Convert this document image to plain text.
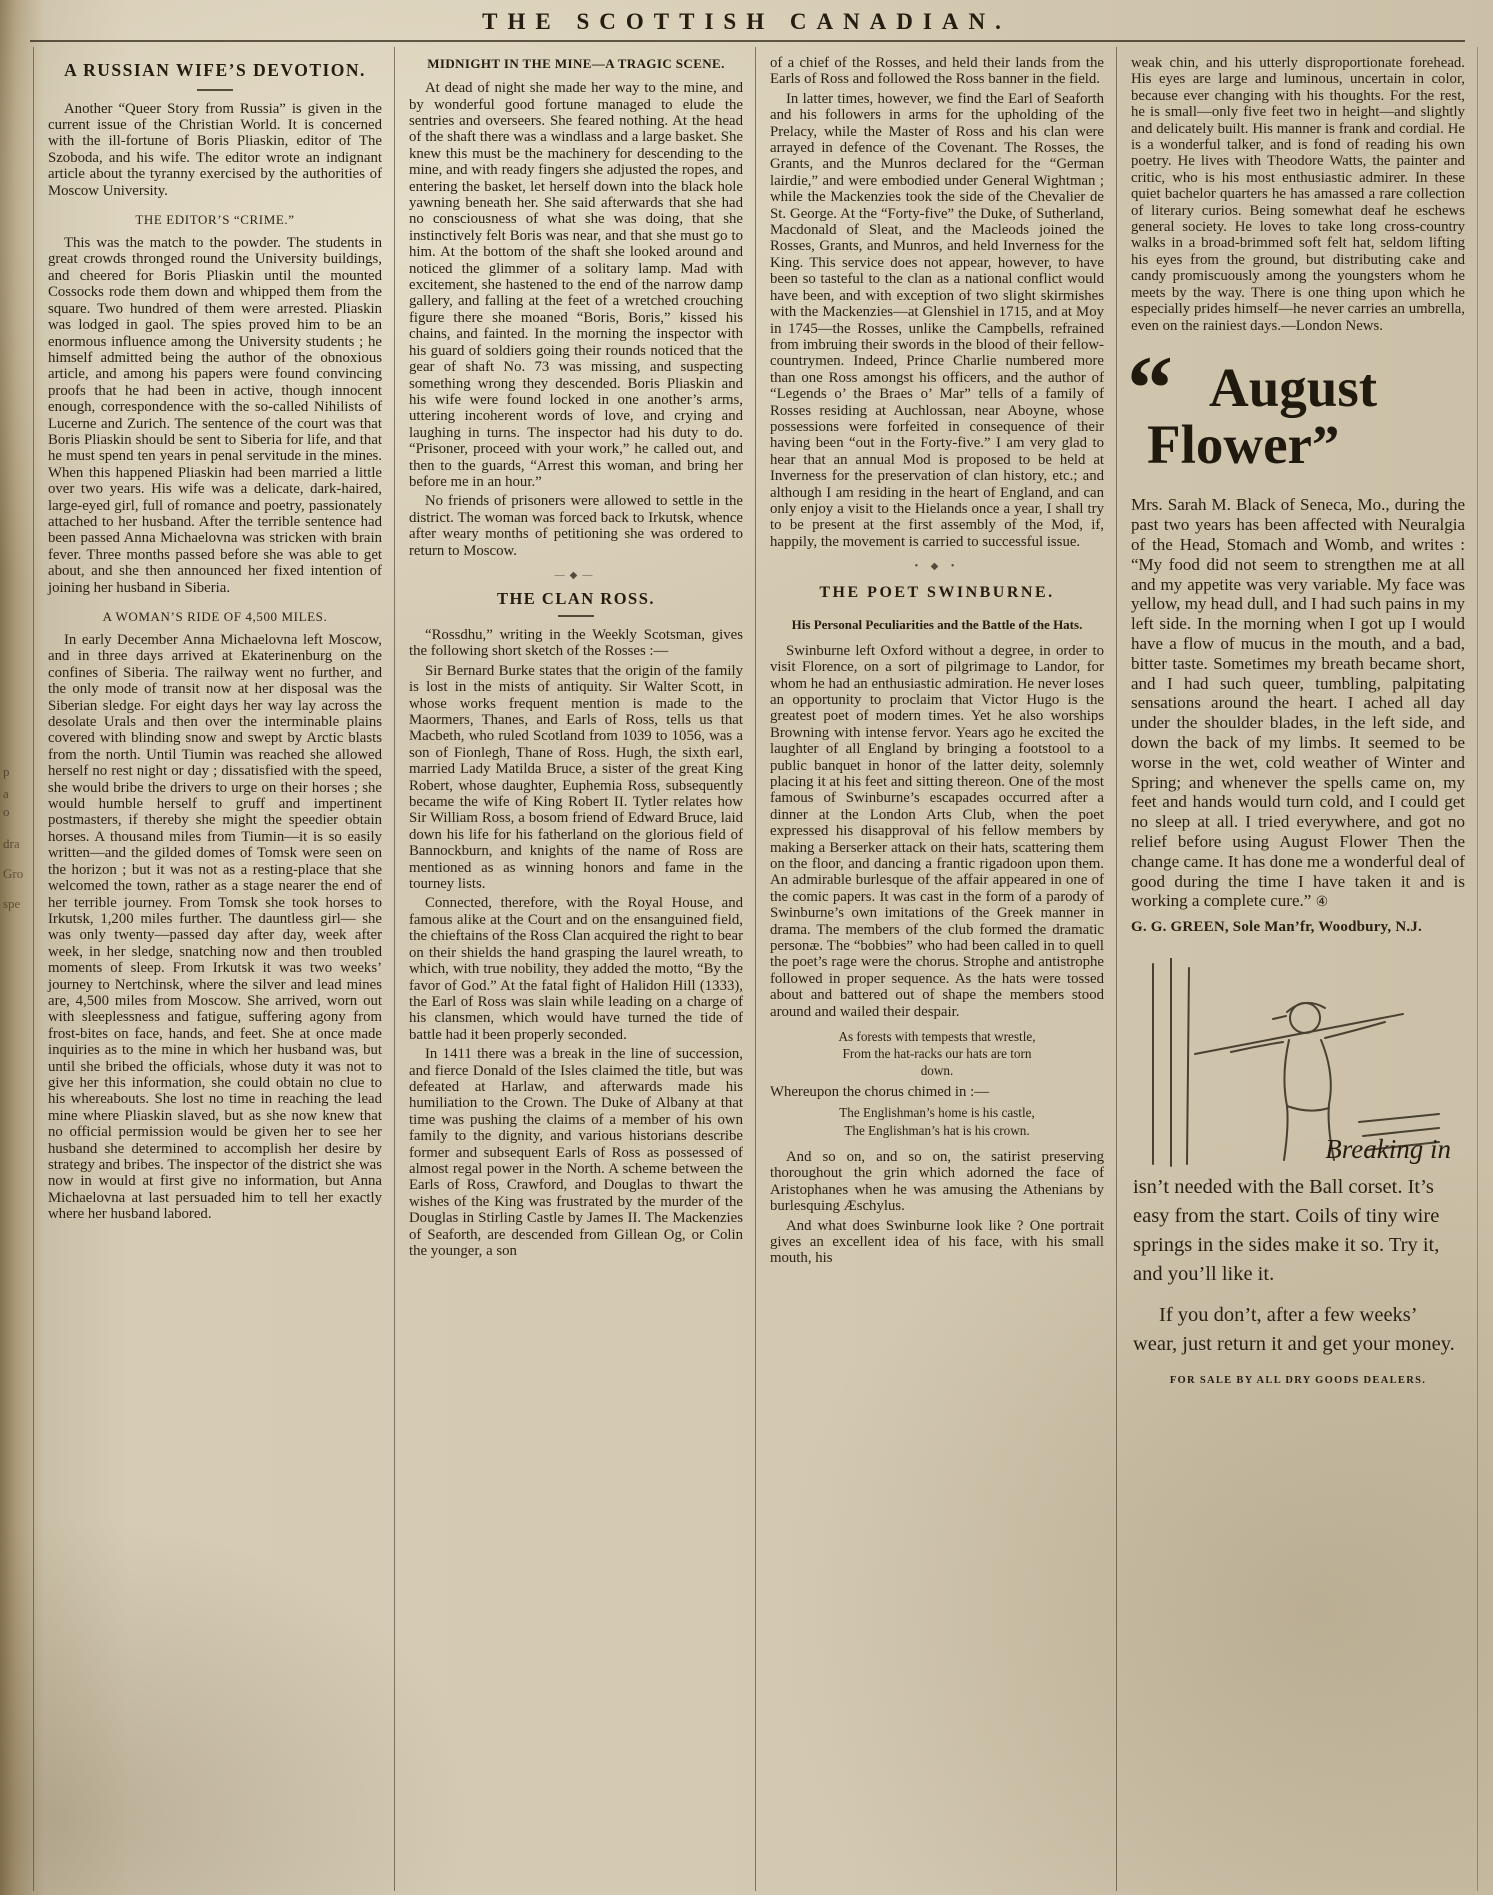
THE SCOTTISH CANADIAN.
p
a
o
dra
Gro
spe
A RUSSIAN WIFE’S DEVOTION.

Another “Queer Story from Russia” is given in the current issue of the Christian World. It is concerned with the ill-fortune of Boris Pliaskin, editor of The Szoboda, and his wife. The editor wrote an indignant article about the tyranny exercised by the authorities of Moscow University.

THE EDITOR’S “CRIME.”

This was the match to the powder. The students in great crowds thronged round the University buildings, and cheered for Boris Pliaskin until the mounted Cossocks rode them down and whipped them from the square. Two hundred of them were arrested. Pliaskin was lodged in gaol. The spies proved him to be an enormous influence among the University students ; he himself admitted being the author of the obnoxious article, and among his papers were found convincing proofs that he had been in active, though innocent enough, correspondence with the so-called Nihilists of Lucerne and Zurich. The sentence of the court was that Boris Pliaskin should be sent to Siberia for life, and that he must spend ten years in penal servitude in the mines. When this happened Pliaskin had been married a little over two years. His wife was a delicate, dark-haired, large-eyed girl, full of romance and poetry, passionately attached to her husband. After the terrible sentence had been passed Anna Michaelovna was stricken with brain fever. Three months passed before she was able to get about, and she then announced her fixed intention of joining her husband in Siberia.

A WOMAN’S RIDE OF 4,500 MILES.

In early December Anna Michaelovna left Moscow, and in three days arrived at Ekaterinenburg on the confines of Siberia. The railway went no further, and the only mode of transit now at her disposal was the Siberian sledge. For eight days her way lay across the desolate Urals and then over the interminable plains covered with blinding snow and swept by Arctic blasts from the north. Until Tiumin was reached she allowed herself no rest night or day ; dissatisfied with the speed, she would bribe the drivers to urge on their horses ; she would humble herself to gruff and impertinent postmasters, if thereby she might the speedier obtain horses. A thousand miles from Tiumin—it is so easily written—and the gilded domes of Tomsk were seen on the horizon ; but it was not as a resting-place that she welcomed the town, rather as a stage nearer the end of her terrible journey. From Tomsk she took horses to Irkutsk, 1,200 miles further. The dauntless girl— she was only twenty—passed day after day, week after week, in her sledge, snatching now and then troubled moments of sleep. From Irkutsk it was two weeks’ journey to Nertchinsk, where the silver and lead mines are, 4,500 miles from Moscow. She arrived, worn out with sleeplessness and fatigue, suffering agony from frost-bites on face, hands, and feet. She at once made inquiries as to the mine in which her husband was, but until she bribed the officials, whose duty it was not to give her this information, she could obtain no clue to his whereabouts. She lost no time in reaching the lead mine where Pliaskin slaved, but as she now knew that no official permission would be given her to see her husband she determined to accomplish her desire by strategy and bribes. The inspector of the district she was now in would at first give no information, but Anna Michaelovna at last persuaded him to tell her exactly where her husband labored.

MIDNIGHT IN THE MINE—A TRAGIC SCENE.

At dead of night she made her way to the mine, and by wonderful good fortune managed to elude the sentries and overseers. She feared nothing. At the head of the shaft there was a windlass and a large basket. She knew this must be the machinery for descending to the mine, and with ready fingers she adjusted the ropes, and entering the basket, let herself down into the black hole yawning beneath her. She said afterwards that she had no consciousness of what she was doing, that she instinctively felt Boris was near, and that she must go to him. At the bottom of the shaft she looked around and noticed the glimmer of a solitary lamp. Mad with excitement, she hastened to the end of the narrow damp gallery, and falling at the feet of a wretched crouching figure there she moaned “Boris, Boris,” kissed his chains, and fainted. In the morning the inspector with his guard of soldiers going their rounds noticed that the gear of shaft No. 73 was missing, and suspecting something wrong they descended. Boris Pliaskin and his wife were found locked in one another’s arms, uttering incoherent words of love, and crying and laughing in turns. The inspector had his duty to do. “Prisoner, proceed with your work,” he called out, and then to the guards, “Arrest this woman, and bring her before me in an hour.”

No friends of prisoners were allowed to settle in the district. The woman was forced back to Irkutsk, whence after weary months of petitioning she was ordered to return to Moscow.

—◆—
THE CLAN ROSS.

“Rossdhu,” writing in the Weekly Scotsman, gives the following short sketch of the Rosses :—

Sir Bernard Burke states that the origin of the family is lost in the mists of antiquity. Sir Walter Scott, in whose works frequent mention is made to the Maormers, Thanes, and Earls of Ross, tells us that Macbeth, who ruled Scotland from 1039 to 1056, was a son of Fionlegh, Thane of Ross. Hugh, the sixth earl, married Lady Matilda Bruce, a sister of the great King Robert, whose daughter, Euphemia Ross, subsequently became the wife of King Robert II. Tytler relates how Sir William Ross, a bosom friend of Edward Bruce, laid down his life for his fatherland on the glorious field of Bannockburn, and knights of the name of Ross are mentioned as as winning honors and fame in the tourney lists.

Connected, therefore, with the Royal House, and famous alike at the Court and on the ensanguined field, the chieftains of the Ross Clan acquired the right to bear on their shields the hand grasping the laurel wreath, to which, with true nobility, they added the motto, “By the favor of God.” At the fatal fight of Halidon Hill (1333), the Earl of Ross was slain while leading on a charge of his clansmen, which would have turned the tide of battle had it been properly seconded.

In 1411 there was a break in the line of succession, and fierce Donald of the Isles claimed the title, but was defeated at Harlaw, and afterwards made his humiliation to the Crown. The Duke of Albany at that time was pushing the claims of a member of his own family to the dignity, and various historians describe former and subsequent Earls of Ross as possessed of almost regal power in the North. A scheme between the Earls of Ross, Crawford, and Douglas to thwart the wishes of the King was frustrated by the murder of the Douglas in Stirling Castle by James II. The Mackenzies of Seaforth, are descended from Gillean Og, or Colin the younger, a son

of a chief of the Rosses, and held their lands from the Earls of Ross and followed the Ross banner in the field.

In latter times, however, we find the Earl of Seaforth and his followers in arms for the upholding of the Prelacy, while the Master of Ross and his clan were arrayed in defence of the Covenant. The Rosses, the Grants, and the Munros declared for the “German lairdie,” and were embodied under General Wightman ; while the Mackenzies took the side of the Chevalier de St. George. At the “Forty-five” the Duke, of Sutherland, Macdonald of Sleat, and the Macleods joined the Rosses, Grants, and Munros, and held Inverness for the King. This service does not appear, however, to have been so tasteful to the clan as a national conflict would have been, and with exception of two slight skirmishes with the Mackenzies—at Glenshiel in 1715, and at Moy in 1745—the Rosses, unlike the Campbells, refrained from imbruing their swords in the blood of their fellow-countrymen. Indeed, Prince Charlie numbered more than one Ross amongst his officers, and the author of “Legends o’ the Braes o’ Mar” tells of a family of Rosses residing at Auchlossan, near Aboyne, whose possessions were forfeited in consequence of their having been “out in the Forty-five.” I am very glad to hear that an annual Mod is proposed to be held at Inverness for the preservation of clan history, etc.; and although I am residing in the heart of England, and can only enjoy a visit to the Hielands once a year, I shall try to be present at the first assembly of the Mod, if, happily, the movement is carried to successful issue.

• ◆ •
THE POET SWINBURNE.
His Personal Peculiarities and the Battle of the Hats.

Swinburne left Oxford without a degree, in order to visit Florence, on a sort of pilgrimage to Landor, for whom he had an enthusiastic admiration. He never loses an opportunity to proclaim that Victor Hugo is the greatest poet of modern times. Yet he also worships Browning with intense fervor. Years ago he excited the laughter of all England by bringing a footstool to a public banquet in honor of the latter deity, solemnly placing it at his feet and sitting thereon. One of the most famous of Swinburne’s escapades occurred after a dinner at the London Arts Club, when the poet expressed his disapproval of his fellow members by making a Berserker attack on their hats, scattering them on the floor, and dancing a frantic rigadoon upon them. An admirable burlesque of the affair appeared in one of the comic papers. It was cast in the form of a parody of Swinburne’s own imitations of the Greek manner in drama. The members of the club formed the dramatic personæ. The “bobbies” who had been called in to quell the poet’s rage were the chorus. Strophe and antistrophe followed in proper sequence. As the hats were tossed about and battered out of shape the members stood around and wailed their despair.

As forests with tempests that wrestle,
From the hat-racks our hats are torn
down.

Whereupon the chorus chimed in :—

The Englishman’s home is his castle,
The Englishman’s hat is his crown.

And so on, and so on, the satirist preserving thoroughout the grin which adorned the face of Aristophanes when he was amusing the Athenians by burlesquing Æschylus.

And what does Swinburne look like ? One portrait gives an excellent idea of his face, with his small mouth, his

weak chin, and his utterly disproportionate forehead. His eyes are large and luminous, uncertain in color, because ever changing with his thoughts. For the rest, he is small—only five feet two in height—and slightly and delicately built. His manner is frank and cordial. He is a wonderful talker, and is fond of reading his own poetry. He lives with Theodore Watts, the painter and critic, who is his most enthusiastic admirer. In these quiet bachelor quarters he has amassed a rare collection of literary curios. Being somewhat deaf he eschews general society. He loves to take long cross-country walks in a broad-brimmed soft felt hat, seldom lifting his eyes from the ground, but distributing cake and candy promiscuously among the youngsters whom he meets by the way. There is one thing upon which he especially prides himself—he never carries an umbrella, even on the rainiest days.—London News.

“ August
Flower”

Mrs. Sarah M. Black of Seneca, Mo., during the past two years has been affected with Neuralgia of the Head, Stomach and Womb, and writes : “My food did not seem to strengthen me at all and my appetite was very variable. My face was yellow, my head dull, and I had such pains in my left side. In the morning when I got up I would have a flow of mucus in the mouth, and a bad, bitter taste. Sometimes my breath became short, and I had such queer, tumbling, palpitating sensations around the heart. I ached all day under the shoulder blades, in the left side, and down the back of my limbs. It seemed to be worse in the wet, cold weather of Winter and Spring; and whenever the spells came on, my feet and hands would turn cold, and I could get no sleep at all. I tried everywhere, and got no relief before using August Flower Then the change came. It has done me a wonderful deal of good during the time I have taken it and is working a complete cure.” ④

G. G. GREEN, Sole Man’fr, Woodbury, N.J.
Breaking in

isn’t needed with the Ball corset. It’s easy from the start. Coils of tiny wire springs in the sides make it so. Try it, and you’ll like it.

If you don’t, after a few weeks’ wear, just return it and get your money.

FOR SALE BY ALL DRY GOODS DEALERS.
